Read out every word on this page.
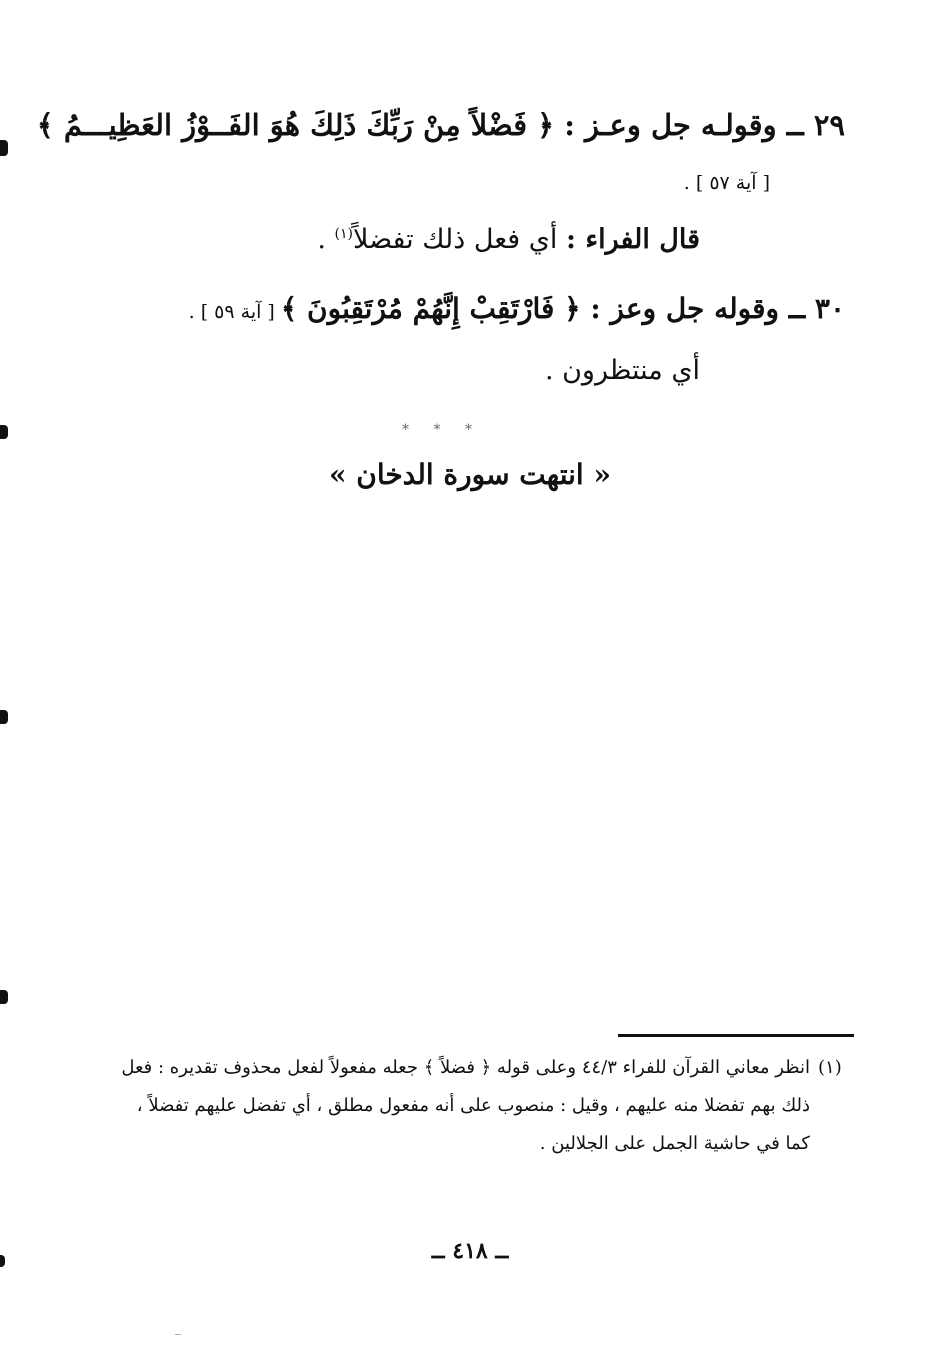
٢٩ ــ وقولـه جل وعـز : ﴿ فَضْلاً مِنْ رَبِّكَ ذَلِكَ هُوَ الفَــوْزُ العَظِيـــمُ ﴾
[ آية ٥٧ ] .
قال الفراء : أي فعل ذلك تفضلاً$^{(١)}$ .
٣٠ ــ وقوله جل وعز : ﴿ فَارْتَقِبْ إِنَّهُمْ مُرْتَقِبُونَ ﴾ [ آية ٥٩ ] .
أي منتظرون .
* * *
« انتهت سورة الدخان »
(١)
انظر معاني القرآن للفراء ٤٤/٣ وعلى قوله ﴿ فضلاً ﴾ جعله مفعولاً لفعل محذوف تقديره : فعل
ذلك بهم تفضلا منه عليهم ، وقيل : منصوب على أنه مفعول مطلق ، أي تفضل عليهم تفضلاً ،
كما في حاشية الجمل على الجلالين .
ــ ٤١٨ ــ
